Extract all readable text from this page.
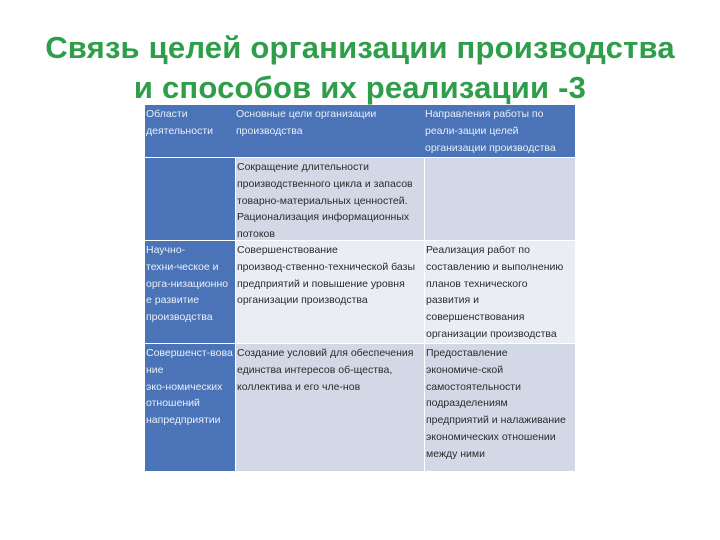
Связь целей организации производства
и способов их реализации -3
Области
деятельности
Основные цели организации
производства
Направления работы по
реали-зации целей
организации производства
Сокращение длительности
производственного цикла и запасов
товарно-материальных ценностей.
Рационализация информационных
потоков
Научно-
техни-ческое и
орга-низационно
е развитие
производства
Совершенствование
производ-ственно-технической базы
предприятий и повышение уровня
организации производства
Реализация работ по
составлению и выполнению
планов технического
развития и
совершенствования
организации производства
Совершенст-вова
ние
эко-номических
отношений
напредприятии
Создание условий для обеспечения
единства интересов об-щества,
коллектива и его чле-нов
Предоставление
экономиче-ской
самостоятельности
подразделениям
предприятий и налаживание
экономических отношении
между ними
